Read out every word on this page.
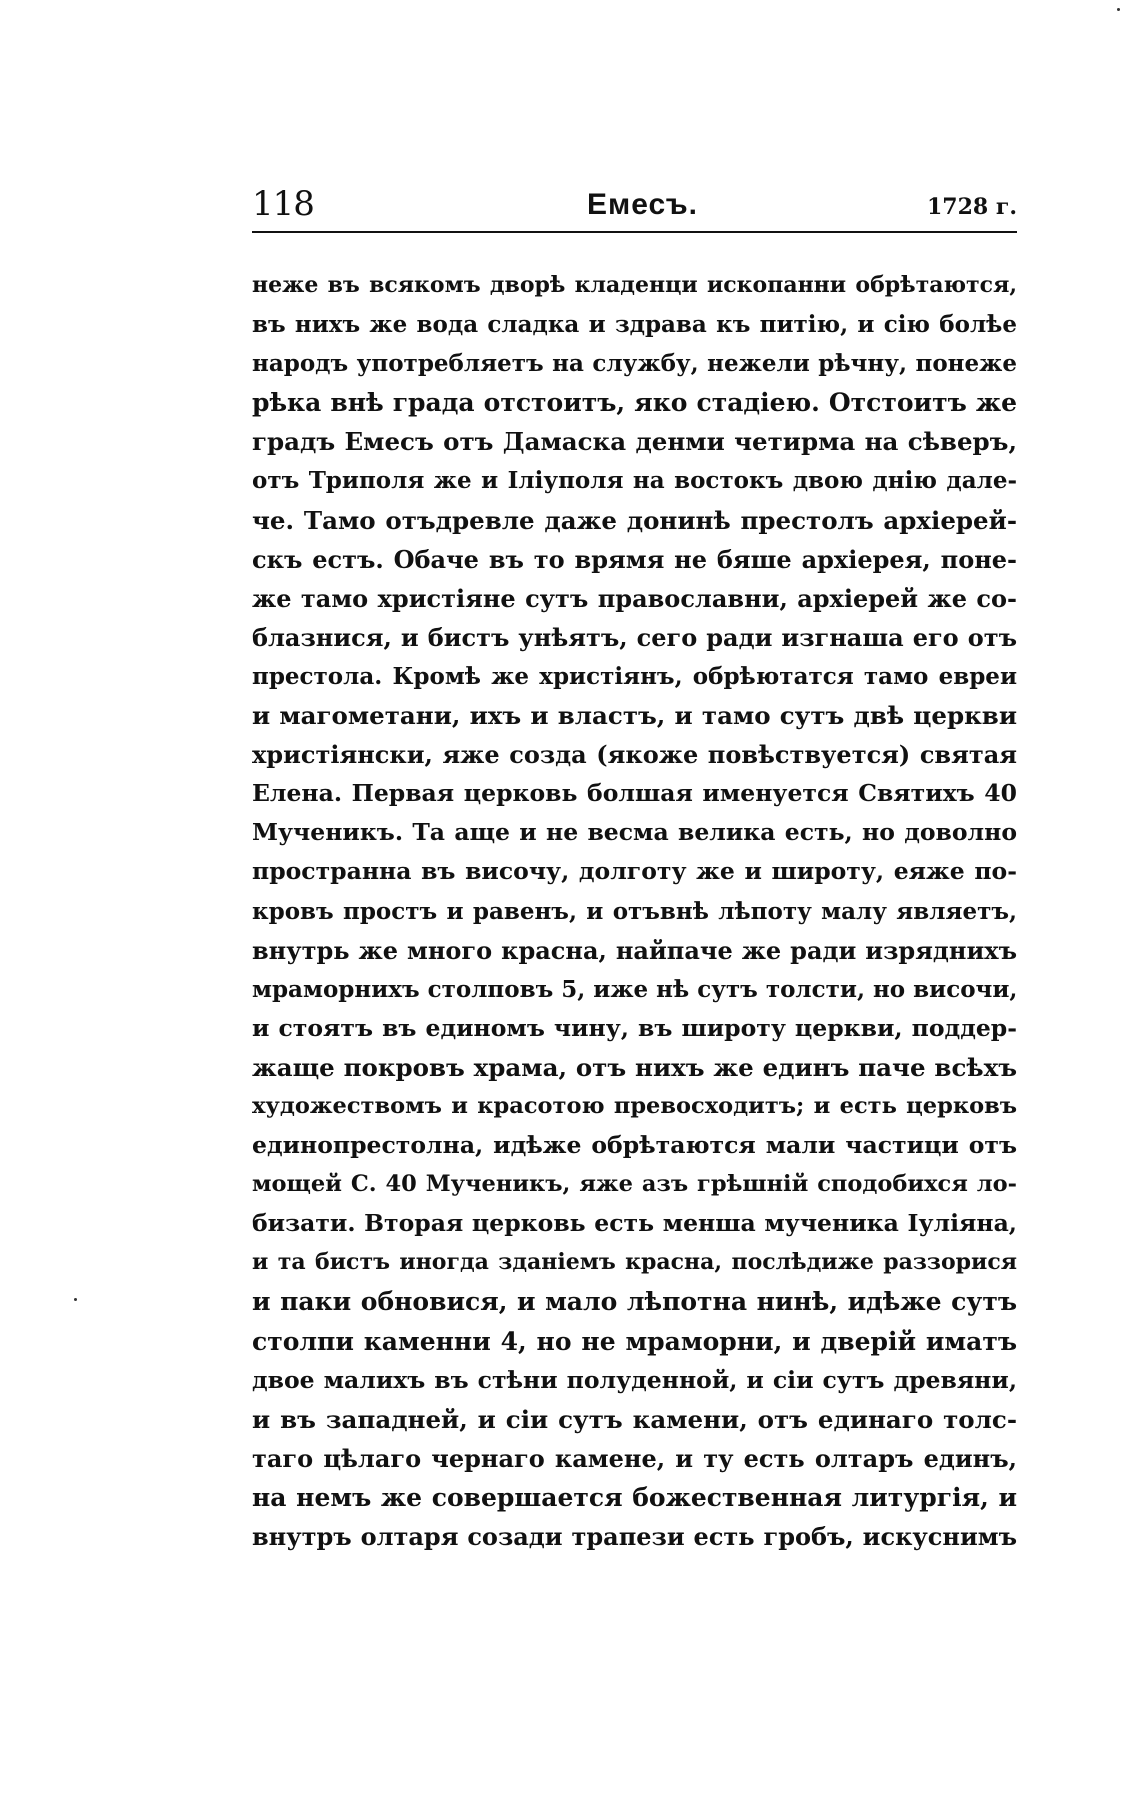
118	Емесъ.	1728 г.
неже въ всякомъ дворѣ кладенци ископанни обрѣтаются,
въ нихъ же вода сладка и здрава къ питію, и сію болѣе
народъ употребляетъ на службу, нежели рѣчну, понеже
рѣка внѣ града отстоитъ, яко стадіею. Отстоитъ же
градъ Емесъ отъ Дамаска денми четирма на сѣверъ,
отъ Триполя же и Іліуполя на востокъ двою днію дале-
че. Тамо отъдревле даже донинѣ престолъ архіерей-
скъ естъ. Обаче въ то врямя не бяше архіерея, поне-
же тамо христіяне сутъ православни, архіерей же со-
блазнися, и бистъ унѣятъ, сего ради изгнаша его отъ
престола. Кромѣ же христіянъ, обрѣютатся тамо евреи
и магометани, ихъ и властъ, и тамо сутъ двѣ церкви
христіянски, яже созда (якоже повѣствуется) святая
Елена. Первая церковь болшая именуется Святихъ 40
Мученикъ. Та аще и не весма велика есть, но доволно
пространна въ височу, долготу же и широту, еяже по-
кровъ простъ и равенъ, и отъвнѣ лѣпоту малу являетъ,
внутрь же много красна, найпаче же ради изряднихъ
мраморнихъ столповъ 5, иже нѣ сутъ толсти, но височи,
и стоятъ въ единомъ чину, въ широту церкви, поддер-
жаще покровъ храма, отъ нихъ же единъ паче всѣхъ
художествомъ и красотою превосходитъ; и есть церковъ
единопрестолна, идѣже обрѣтаются мали частици отъ
мощей С. 40 Мученикъ, яже азъ грѣшній сподобихся ло-
бизати. Вторая церковь есть менша мученика Іуліяна,
и та бистъ иногда зданіемъ красна, послѣдиже раззорися
и паки обновися, и мало лѣпотна нинѣ, идѣже сутъ
столпи каменни 4, но не мраморни, и дверій иматъ
двое малихъ въ стѣни полуденной, и сіи сутъ древяни,
и въ западней, и сіи сутъ камени, отъ единаго толс-
таго цѣлаго чернаго камене, и ту есть олтаръ единъ,
на немъ же совершается божественная литургія, и
внутръ олтаря созади трапези есть гробъ, искуснимъ
